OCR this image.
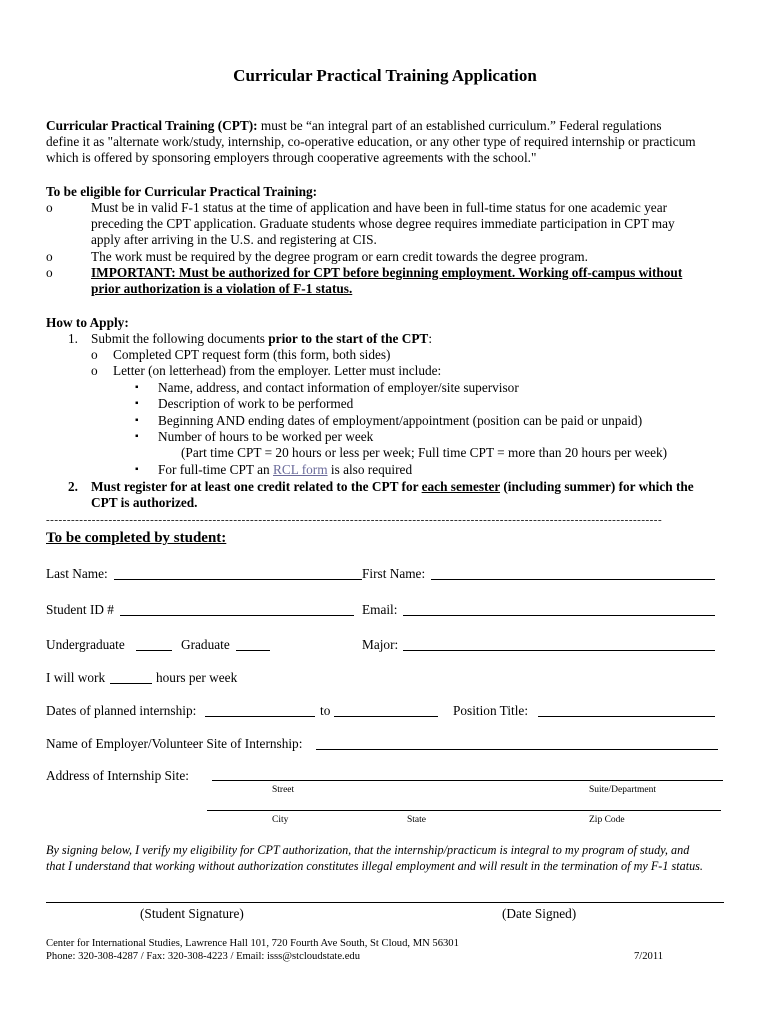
Curricular Practical Training Application
Curricular Practical Training (CPT): must be “an integral part of an established curriculum.” Federal regulations
define it as "alternate work/study, internship, co-operative education, or any other type of required internship or practicum
which is offered by sponsoring employers through cooperative agreements with the school."
To be eligible for Curricular Practical Training:
o	Must be in valid F-1 status at the time of application and have been in full-time status for one academic year
preceding the CPT application. Graduate students whose degree requires immediate participation in CPT may
apply after arriving in the U.S. and registering at CIS.
o	The work must be required by the degree program or earn credit towards the degree program.
o	IMPORTANT: Must be authorized for CPT before beginning employment. Working off-campus without
prior authorization is a violation of F-1 status.
How to Apply:
1. Submit the following documents prior to the start of the CPT:
o Completed CPT request form (this form, both sides)
o Letter (on letterhead) from the employer. Letter must include:
▪ Name, address, and contact information of employer/site supervisor
▪ Description of work to be performed
▪ Beginning AND ending dates of employment/appointment (position can be paid or unpaid)
▪ Number of hours to be worked per week
(Part time CPT = 20 hours or less per week; Full time CPT = more than 20 hours per week)
▪ For full-time CPT an RCL form is also required
2. Must register for at least one credit related to the CPT for each semester (including summer) for which the
CPT is authorized.
----------------------------------------------------------------------------------------------------------------------------------------------------
To be completed by student:
Last Name:	First Name:
Student ID #	Email:
Undergraduate	Graduate	Major:
I will work	hours per week
Dates of planned internship:	to	Position Title:
Name of Employer/Volunteer Site of Internship:
Address of Internship Site:
Street	Suite/Department
City	State	Zip Code
By signing below, I verify my eligibility for CPT authorization, that the internship/practicum is integral to my program of study, and
that I understand that working without authorization constitutes illegal employment and will result in the termination of my F-1 status.
(Student Signature)	(Date Signed)
Center for International Studies, Lawrence Hall 101, 720 Fourth Ave South, St Cloud, MN 56301
Phone: 320-308-4287 / Fax: 320-308-4223 / Email: isss@stcloudstate.edu	7/2011
